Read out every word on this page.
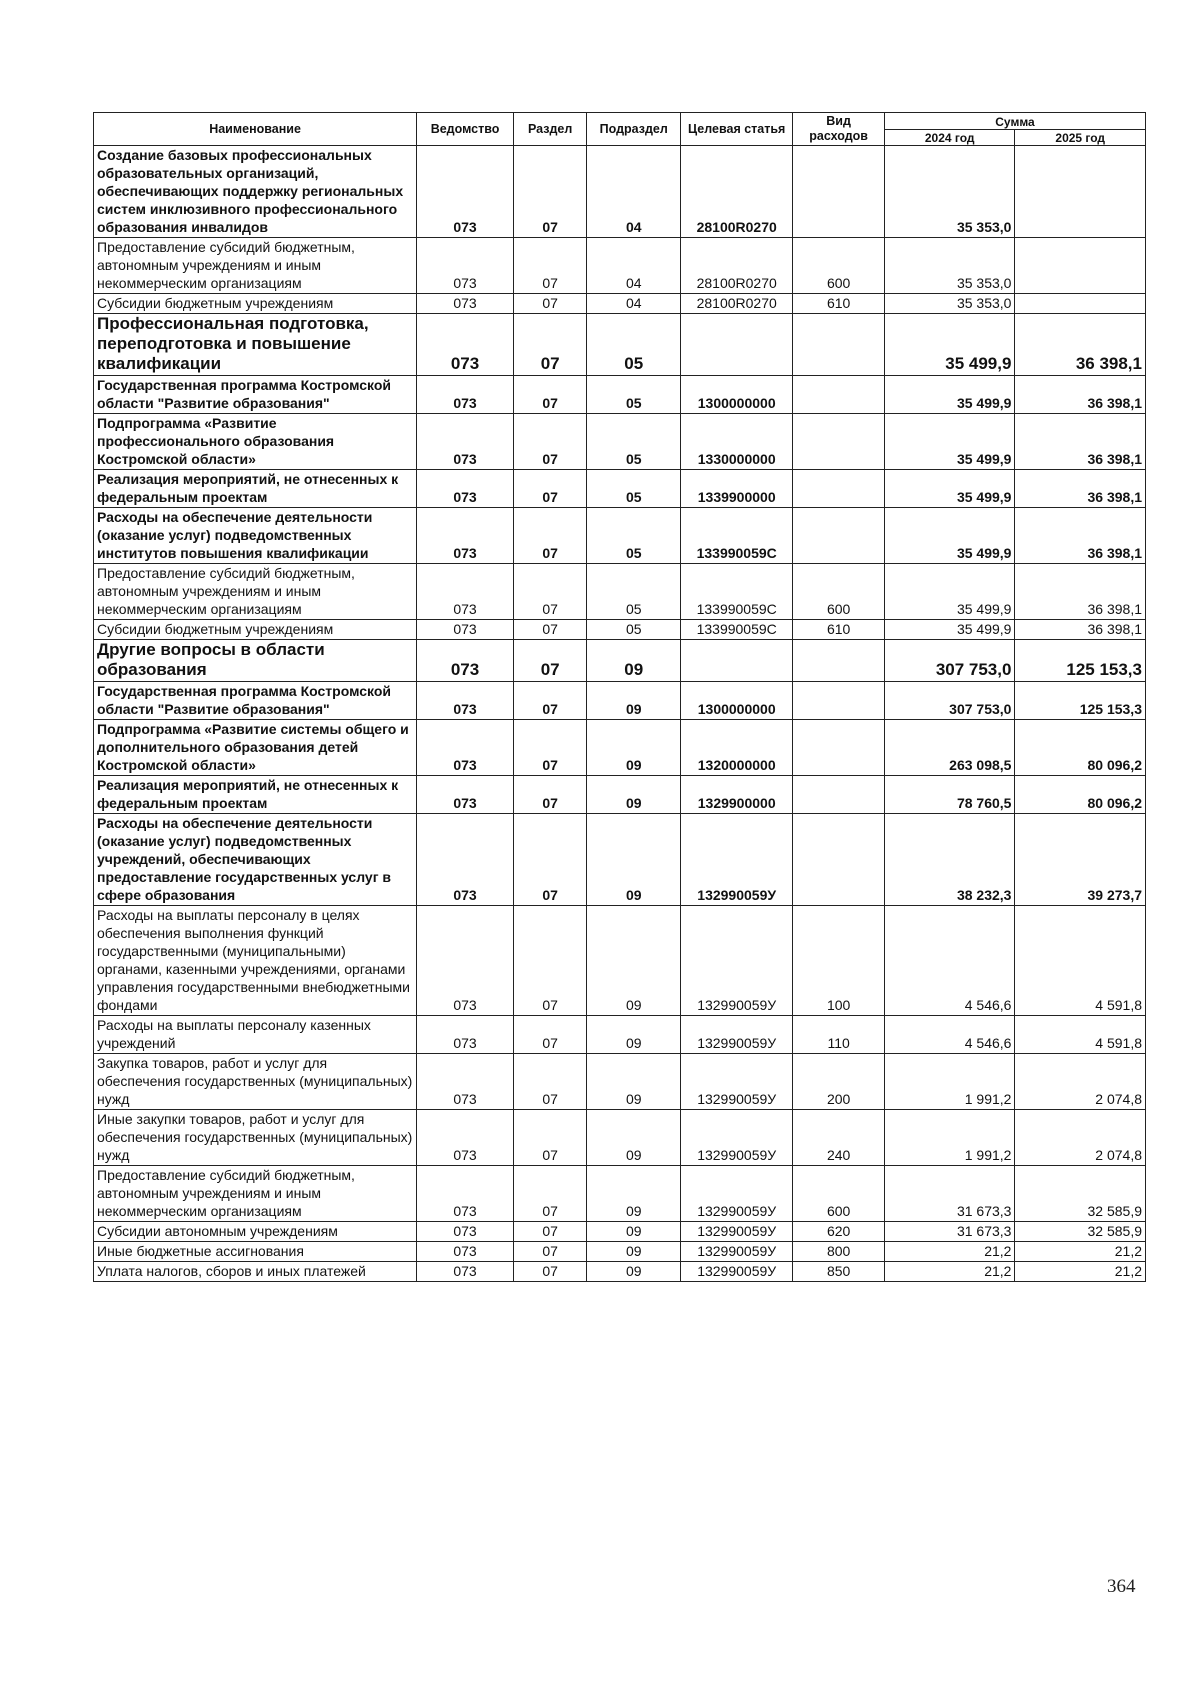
Наименование	Ведомство	Раздел	Подраздел	Целевая статья	Вид расходов	Сумма	
						2024 год	2025 год
Создание базовых профессиональных образовательных организаций, обеспечивающих поддержку региональных систем инклюзивного профессионального образования инвалидов	073	07	04	28100R0270		35 353,0	
Предоставление субсидий бюджетным, автономным учреждениям и иным некоммерческим организациям	073	07	04	28100R0270	600	35 353,0	
Субсидии бюджетным учреждениям	073	07	04	28100R0270	610	35 353,0	
Профессиональная подготовка, переподготовка и повышение квалификации	073	07	05			35 499,9	36 398,1
Государственная программа Костромской области "Развитие образования"	073	07	05	1300000000		35 499,9	36 398,1
Подпрограмма «Развитие профессионального образования Костромской области»	073	07	05	1330000000		35 499,9	36 398,1
Реализация мероприятий, не отнесенных к федеральным проектам	073	07	05	1339900000		35 499,9	36 398,1
Расходы на обеспечение деятельности (оказание услуг) подведомственных институтов повышения квалификации	073	07	05	133990059С		35 499,9	36 398,1
Предоставление субсидий бюджетным, автономным учреждениям и иным некоммерческим организациям	073	07	05	133990059С	600	35 499,9	36 398,1
Субсидии бюджетным учреждениям	073	07	05	133990059С	610	35 499,9	36 398,1
Другие вопросы в области образования	073	07	09			307 753,0	125 153,3
Государственная программа Костромской области "Развитие образования"	073	07	09	1300000000		307 753,0	125 153,3
Подпрограмма «Развитие системы общего и дополнительного образования детей Костромской области»	073	07	09	1320000000		263 098,5	80 096,2
Реализация мероприятий, не отнесенных к федеральным проектам	073	07	09	1329900000		78 760,5	80 096,2
Расходы на обеспечение деятельности (оказание услуг) подведомственных учреждений, обеспечивающих предоставление государственных услуг в сфере образования	073	07	09	132990059У		38 232,3	39 273,7
Расходы на выплаты персоналу в целях обеспечения выполнения функций государственными (муниципальными) органами, казенными учреждениями, органами управления государственными внебюджетными фондами	073	07	09	132990059У	100	4 546,6	4 591,8
Расходы на выплаты персоналу казенных учреждений	073	07	09	132990059У	110	4 546,6	4 591,8
Закупка товаров, работ и услуг для обеспечения государственных (муниципальных) нужд	073	07	09	132990059У	200	1 991,2	2 074,8
Иные закупки товаров, работ и услуг для обеспечения государственных (муниципальных) нужд	073	07	09	132990059У	240	1 991,2	2 074,8
Предоставление субсидий бюджетным, автономным учреждениям и иным некоммерческим организациям	073	07	09	132990059У	600	31 673,3	32 585,9
Субсидии автономным учреждениям	073	07	09	132990059У	620	31 673,3	32 585,9
Иные бюджетные ассигнования	073	07	09	132990059У	800	21,2	21,2
Уплата налогов, сборов и иных платежей	073	07	09	132990059У	850	21,2	21,2
364
